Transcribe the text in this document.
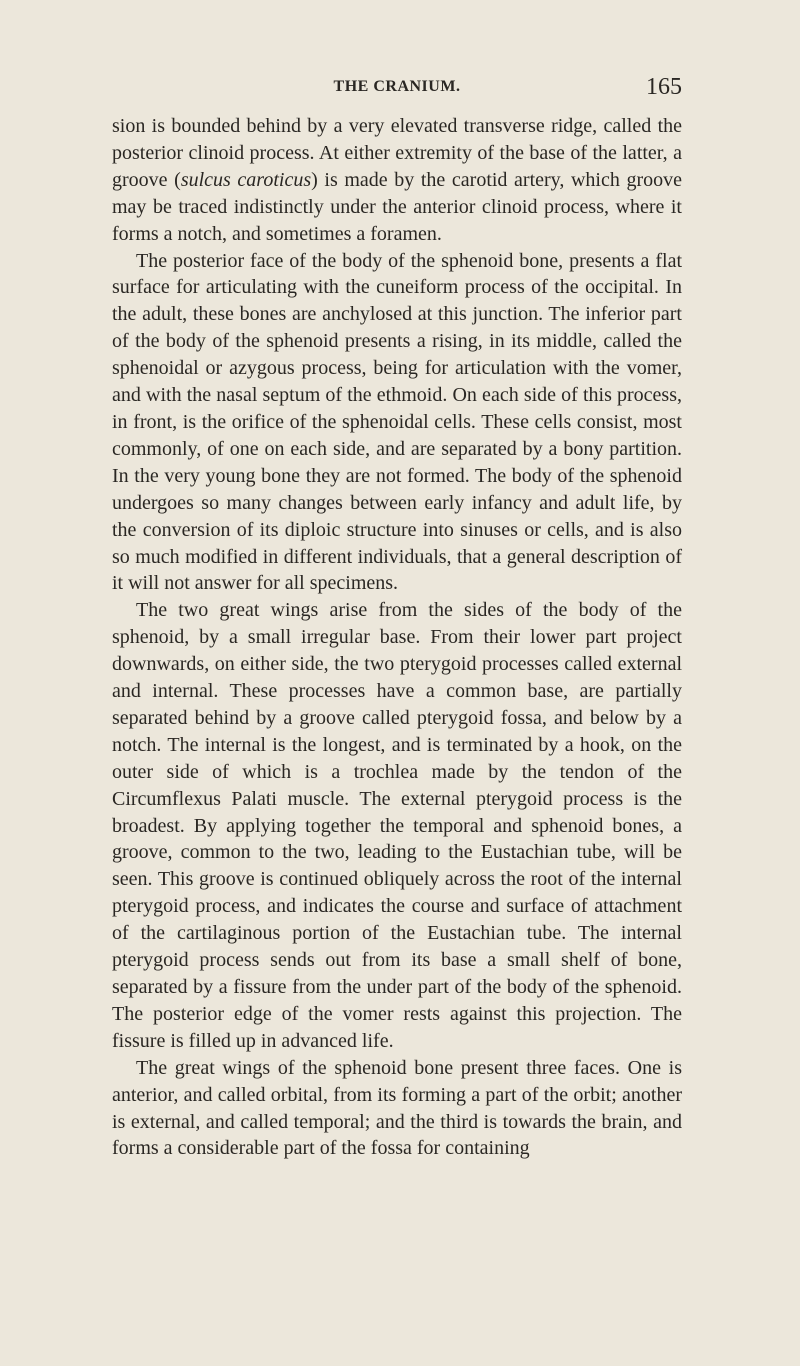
THE CRANIUM.	165

sion is bounded behind by a very elevated transverse ridge, called the posterior clinoid process. At either extremity of the base of the latter, a groove (sulcus caroticus) is made by the carotid artery, which groove may be traced indistinctly under the anterior clinoid process, where it forms a notch, and sometimes a foramen.

The posterior face of the body of the sphenoid bone, presents a flat surface for articulating with the cuneiform process of the occipital. In the adult, these bones are anchylosed at this junction. The inferior part of the body of the sphenoid presents a rising, in its middle, called the sphenoidal or azygous process, being for articulation with the vomer, and with the nasal septum of the ethmoid. On each side of this process, in front, is the orifice of the sphenoidal cells. These cells consist, most commonly, of one on each side, and are separated by a bony partition. In the very young bone they are not formed. The body of the sphenoid undergoes so many changes between early infancy and adult life, by the conversion of its diploic structure into sinuses or cells, and is also so much modified in different individuals, that a general description of it will not answer for all specimens.

The two great wings arise from the sides of the body of the sphenoid, by a small irregular base. From their lower part project downwards, on either side, the two pterygoid processes called external and internal. These processes have a common base, are partially separated behind by a groove called pterygoid fossa, and below by a notch. The internal is the longest, and is terminated by a hook, on the outer side of which is a trochlea made by the tendon of the Circumflexus Palati muscle. The external pterygoid process is the broadest. By applying together the temporal and sphenoid bones, a groove, common to the two, leading to the Eustachian tube, will be seen. This groove is continued obliquely across the root of the internal pterygoid process, and indicates the course and surface of attachment of the cartilaginous portion of the Eustachian tube. The internal pterygoid process sends out from its base a small shelf of bone, separated by a fissure from the under part of the body of the sphenoid. The posterior edge of the vomer rests against this projection. The fissure is filled up in advanced life.

The great wings of the sphenoid bone present three faces. One is anterior, and called orbital, from its forming a part of the orbit; another is external, and called temporal; and the third is towards the brain, and forms a considerable part of the fossa for containing
